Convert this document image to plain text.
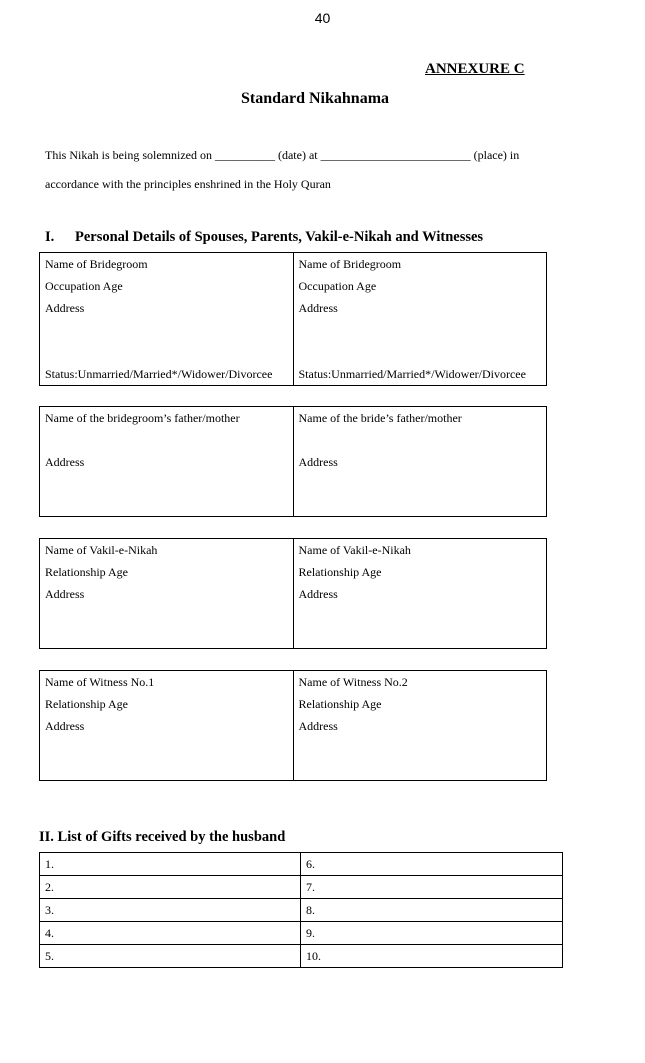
40
ANNEXURE C
Standard Nikahnama
This Nikah is being solemnized on __________ (date) at _________________________ (place) in
accordance with the principles enshrined in the Holy Quran
I. Personal Details of Spouses, Parents, Vakil-e-Nikah and Witnesses
Name of Bridegroom
Occupation Age
Address
Status:Unmarried/Married*/Widower/Divorcee

Name of Bridegroom
Occupation Age
Address
Status:Unmarried/Married*/Widower/Divorcee
Name of the bridegroom’s father/mother
Address

Name of the bride’s father/mother
Address
Name of Vakil-e-Nikah
Relationship Age
Address

Name of Vakil-e-Nikah
Relationship Age
Address
Name of Witness No.1
Relationship Age
Address

Name of Witness No.2
Relationship Age
Address
II. List of Gifts received by the husband
1.	6.
2.	7.
3.	8.
4.	9.
5.	10.
